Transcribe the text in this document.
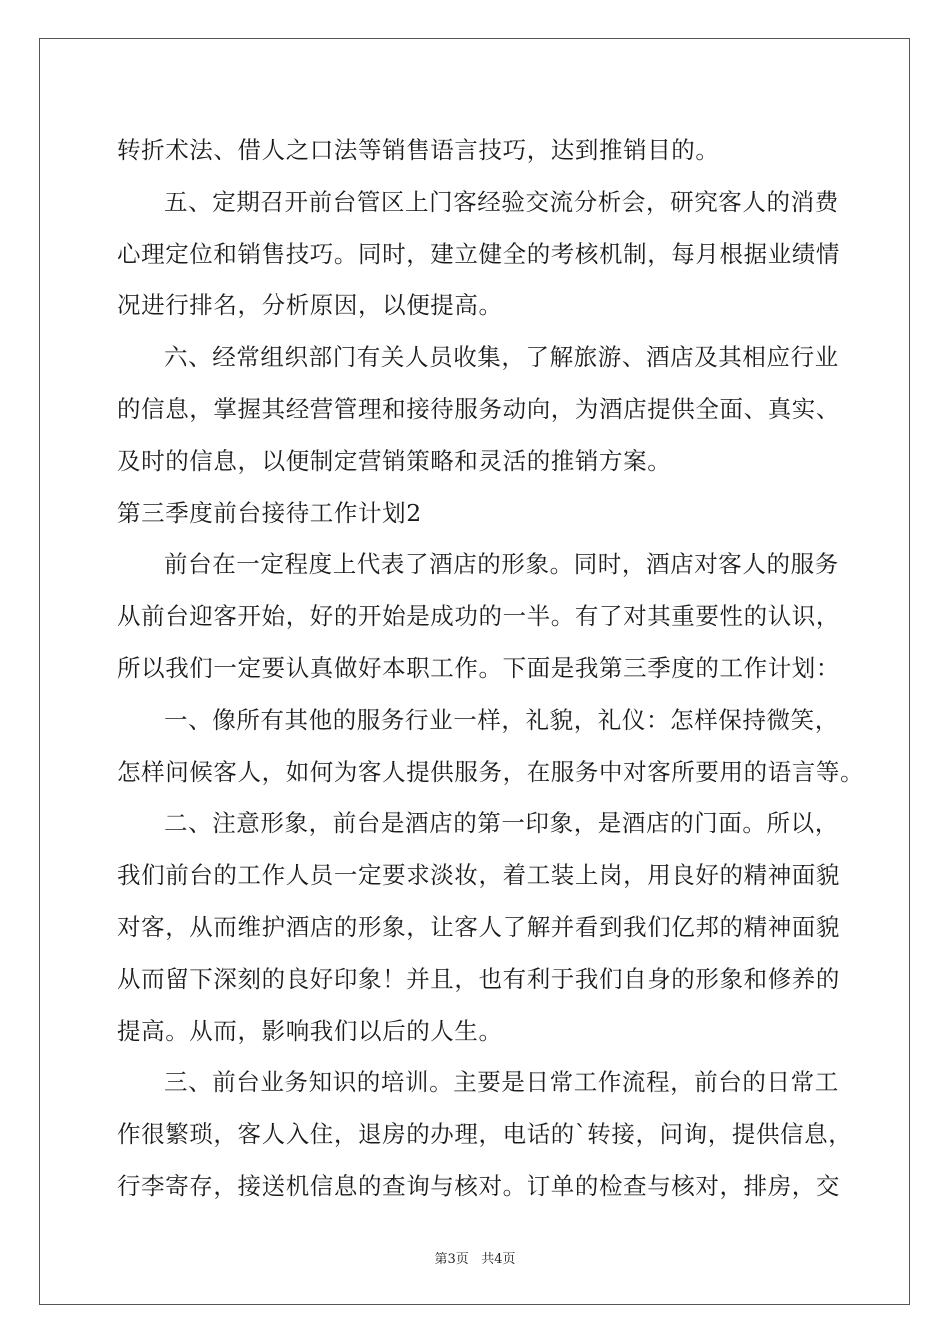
转折术法、借人之口法等销售语言技巧，达到推销目的。
五、定期召开前台管区上门客经验交流分析会，研究客人的消费
心理定位和销售技巧。同时，建立健全的考核机制，每月根据业绩情
况进行排名，分析原因，以便提高。
六、经常组织部门有关人员收集，了解旅游、酒店及其相应行业
的信息，掌握其经营管理和接待服务动向，为酒店提供全面、真实、
及时的信息，以便制定营销策略和灵活的推销方案。
第三季度前台接待工作计划2
前台在一定程度上代表了酒店的形象。同时，酒店对客人的服务
从前台迎客开始，好的开始是成功的一半。有了对其重要性的认识，
所以我们一定要认真做好本职工作。下面是我第三季度的工作计划：
一、像所有其他的服务行业一样，礼貌，礼仪：怎样保持微笑，
怎样问候客人，如何为客人提供服务，在服务中对客所要用的语言等。
二、注意形象，前台是酒店的第一印象，是酒店的门面。所以，
我们前台的工作人员一定要求淡妆，着工装上岗，用良好的精神面貌
对客，从而维护酒店的形象，让客人了解并看到我们亿邦的精神面貌
从而留下深刻的良好印象！并且，也有利于我们自身的形象和修养的
提高。从而，影响我们以后的人生。
三、前台业务知识的培训。主要是日常工作流程，前台的日常工
作很繁琐，客人入住，退房的办理，电话的`转接，问询，提供信息，
行李寄存，接送机信息的查询与核对。订单的检查与核对，排房，交
第3页 共4页
